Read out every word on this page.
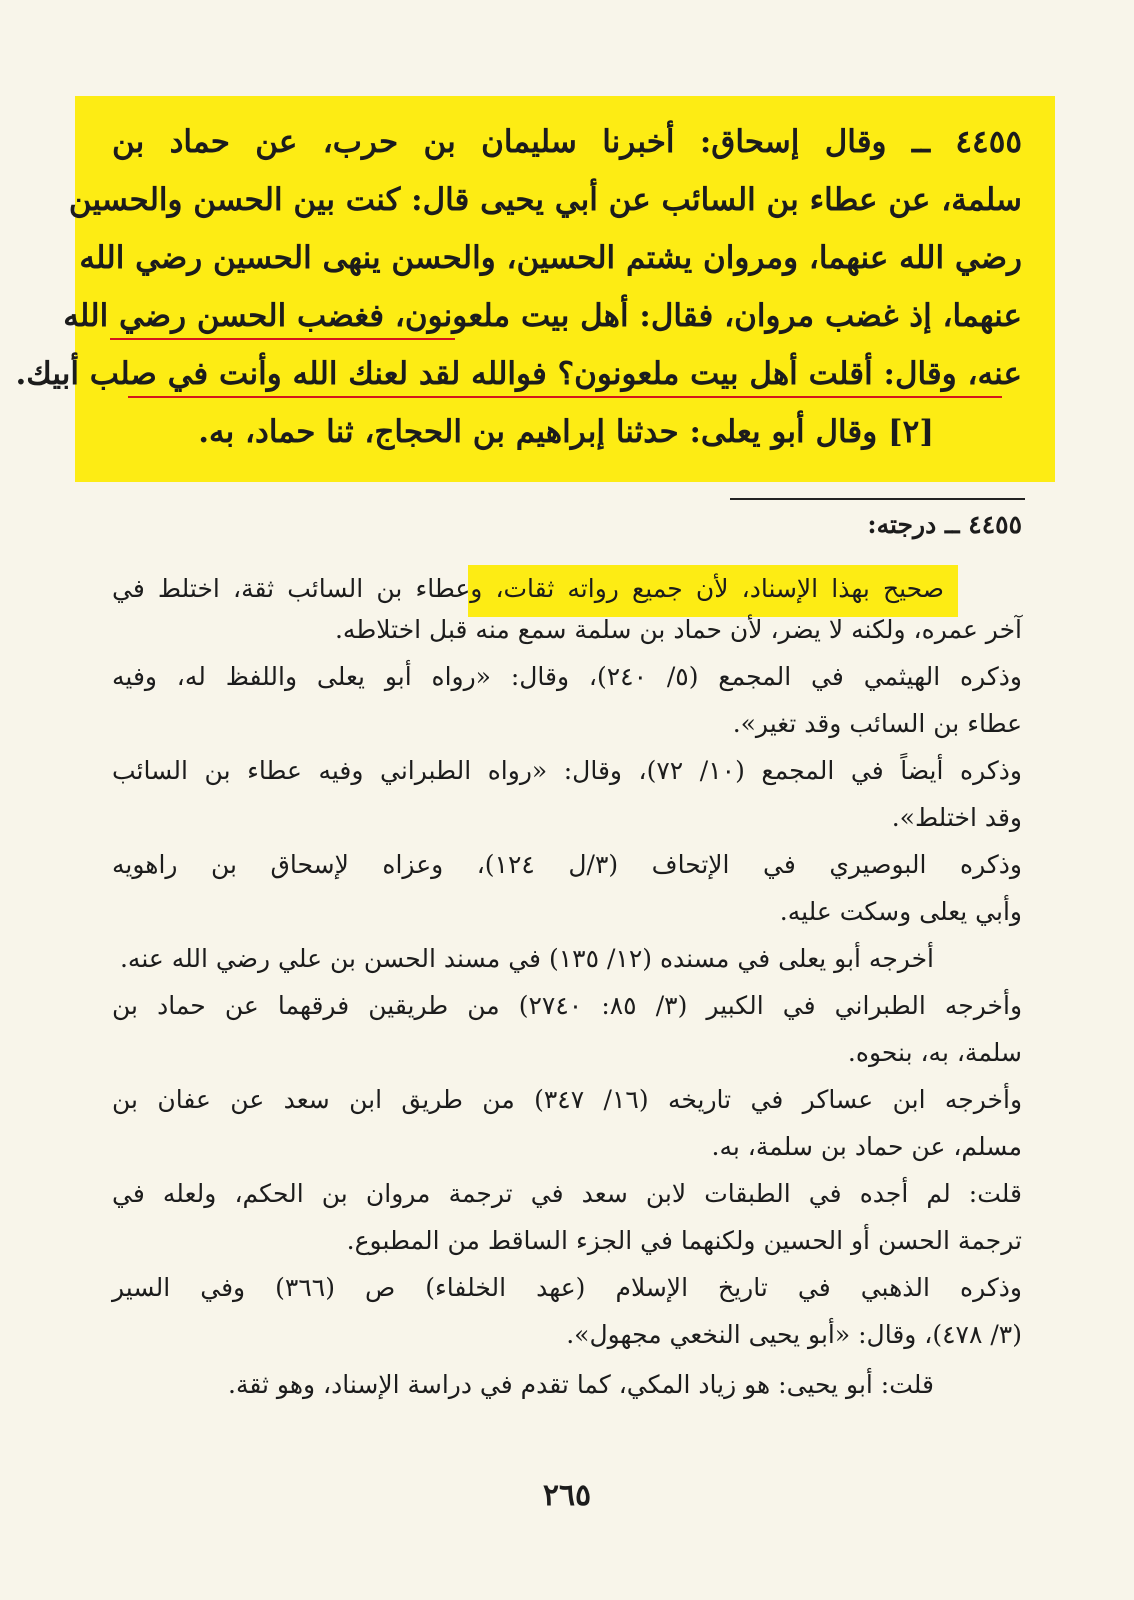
٤٤٥٥ ــ وقال إسحاق: أخبرنا سليمان بن حرب، عن حماد بن
سلمة، عن عطاء بن السائب عن أبي يحيى قال: كنت بين الحسن والحسين
رضي الله عنهما، ومروان يشتم الحسين، والحسن ينهى الحسين رضي الله
عنهما، إذ غضب مروان، فقال: أهل بيت ملعونون، فغضب الحسن رضي الله
عنه، وقال: أقلت أهل بيت ملعونون؟ فوالله لقد لعنك الله وأنت في صلب أبيك.
[٢] وقال أبو يعلى: حدثنا إبراهيم بن الحجاج، ثنا حماد، به.
٤٤٥٥ ــ درجته:
صحيح بهذا الإسناد، لأن جميع رواته ثقات، وعطاء بن السائب ثقة، اختلط في
آخر عمره، ولكنه لا يضر، لأن حماد بن سلمة سمع منه قبل اختلاطه.
وذكره الهيثمي في المجمع (٥/ ٢٤٠)، وقال: «رواه أبو يعلى واللفظ له، وفيه
عطاء بن السائب وقد تغير».
وذكره أيضاً في المجمع (١٠/ ٧٢)، وقال: «رواه الطبراني وفيه عطاء بن السائب
وقد اختلط».
وذكره البوصيري في الإتحاف (٣/ل ١٢٤)، وعزاه لإسحاق بن راهويه
وأبي يعلى وسكت عليه.
أخرجه أبو يعلى في مسنده (١٢/ ١٣٥) في مسند الحسن بن علي رضي الله عنه.
وأخرجه الطبراني في الكبير (٣/ ٨٥: ٢٧٤٠) من طريقين فرقهما عن حماد بن
سلمة، به، بنحوه.
وأخرجه ابن عساكر في تاريخه (١٦/ ٣٤٧) من طريق ابن سعد عن عفان بن
مسلم، عن حماد بن سلمة، به.
قلت: لم أجده في الطبقات لابن سعد في ترجمة مروان بن الحكم، ولعله في
ترجمة الحسن أو الحسين ولكنهما في الجزء الساقط من المطبوع.
وذكره الذهبي في تاريخ الإسلام (عهد الخلفاء) ص (٣٦٦) وفي السير
(٣/ ٤٧٨)، وقال: «أبو يحيى النخعي مجهول».
قلت: أبو يحيى: هو زياد المكي، كما تقدم في دراسة الإسناد، وهو ثقة.
٢٦٥
